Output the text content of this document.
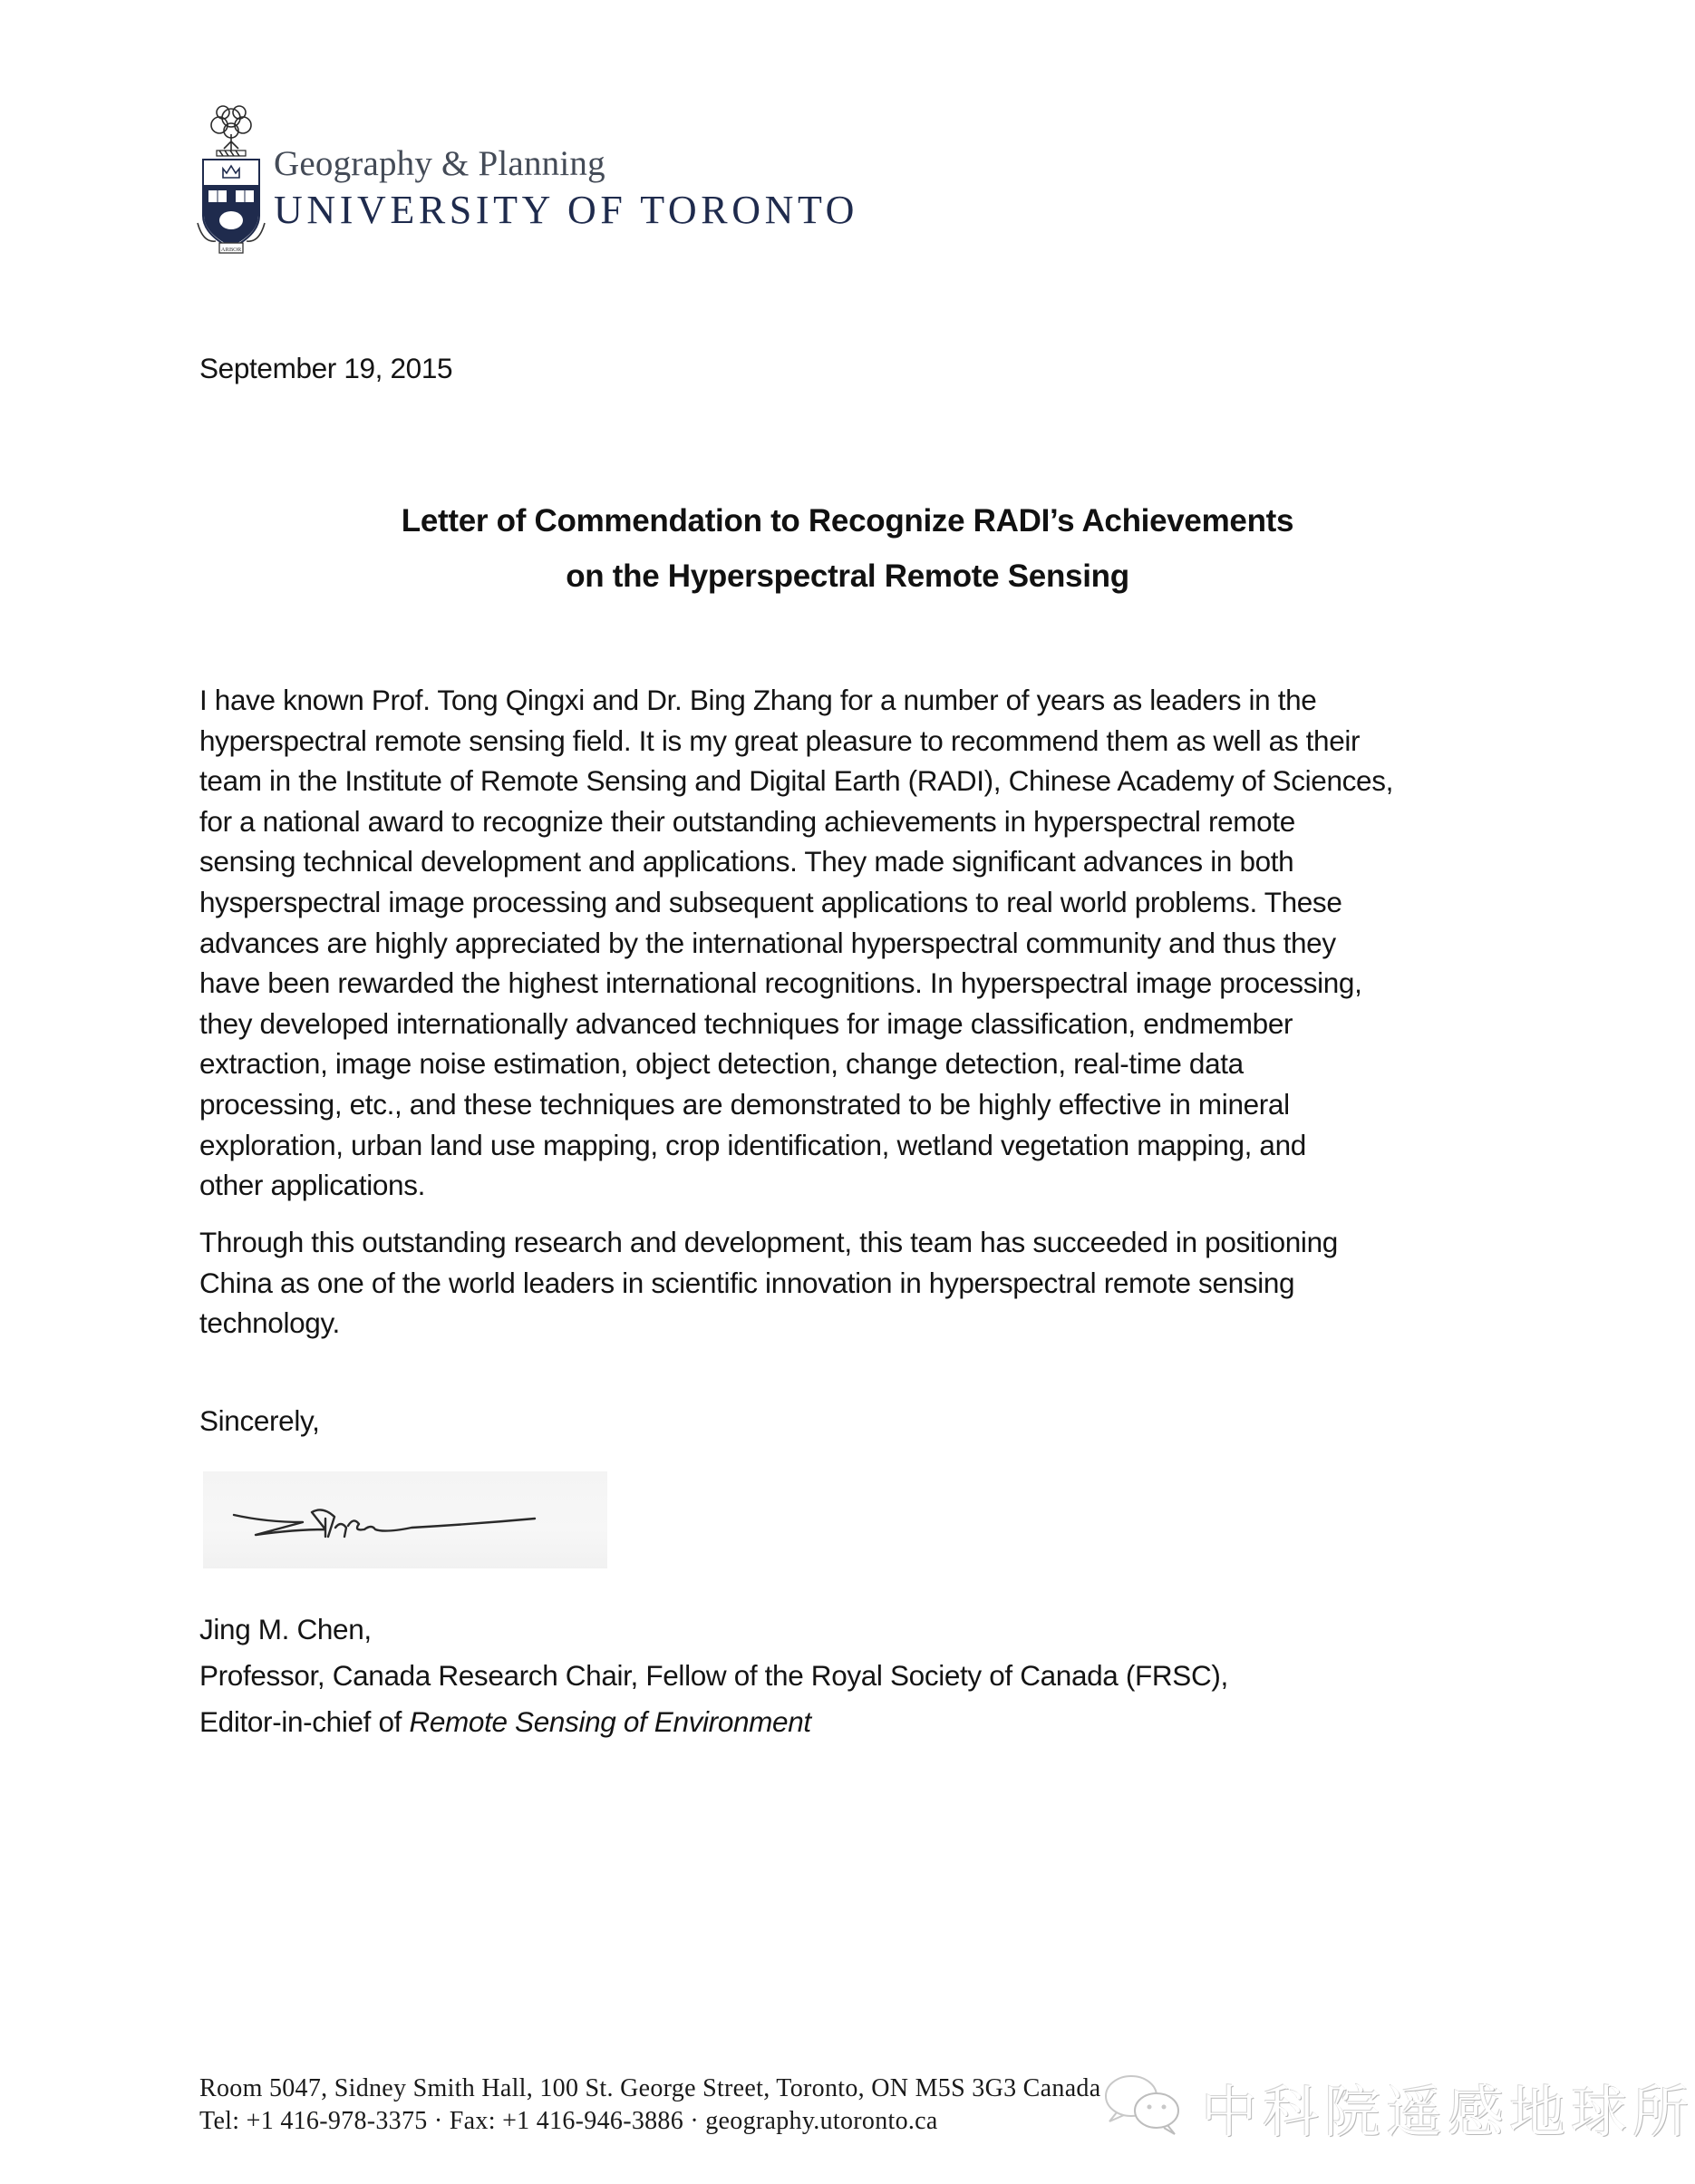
ARBOR
Geography & Planning
UNIVERSITY OF TORONTO
September 19, 2015
Letter of Commendation to Recognize RADI’s Achievements
on the Hyperspectral Remote Sensing
I have known Prof. Tong Qingxi and Dr. Bing Zhang for a number of years as leaders in the
hyperspectral remote sensing field. It is my great pleasure to recommend them as well as their
team in the Institute of Remote Sensing and Digital Earth (RADI), Chinese Academy of Sciences,
for a national award to recognize their outstanding achievements in hyperspectral remote
sensing technical development and applications. They made significant advances in both
hysperspectral image processing and subsequent applications to real world problems. These
advances are highly appreciated by the international hyperspectral community and thus they
have been rewarded the highest international recognitions. In hyperspectral image processing,
they developed internationally advanced techniques for image classification, endmember
extraction, image noise estimation, object detection, change detection, real-time data
processing, etc., and these techniques are demonstrated to be highly effective in mineral
exploration, urban land use mapping, crop identification, wetland vegetation mapping, and
other applications.
Through this outstanding research and development, this team has succeeded in positioning
China as one of the world leaders in scientific innovation in hyperspectral remote sensing
technology.
Sincerely,
Jing M. Chen,
Professor, Canada Research Chair, Fellow of the Royal Society of Canada (FRSC),
Editor-in-chief of Remote Sensing of Environment
Room 5047, Sidney Smith Hall, 100 St. George Street, Toronto, ON M5S 3G3 Canada
Tel: +1 416-978-3375 · Fax: +1 416-946-3886 · geography.utoronto.ca	中科院遥感地球所
